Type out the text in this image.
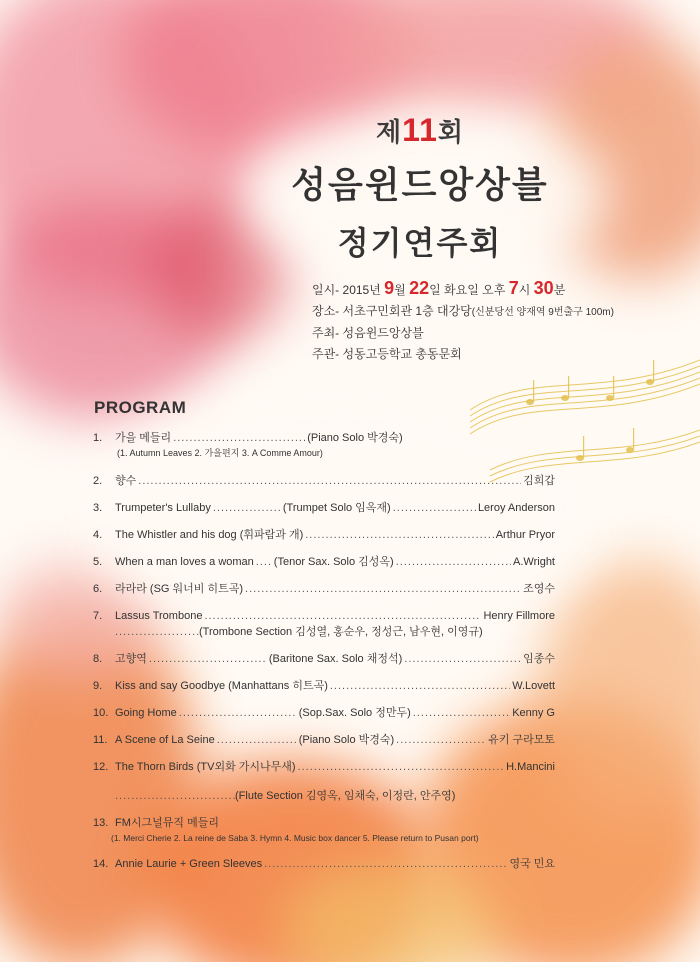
제11회
성음윈드앙상블
정기연주회
일시- 2015년 9월 22일 화요일 오후 7시 30분
장소- 서초구민회관 1층 대강당(신분당선 양재역 9번출구 100m)
주최- 성음윈드앙상블
주관- 성동고등학교 총동문회
PROGRAM
1.	가을 메들리 .....	(Piano Solo 박경숙)
(1. Autumn Leaves 2. 가을편지 3. A Comme Amour)
2.	향수 .....	김희갑
3.	Trumpeter's Lullaby .....	(Trumpet Solo 임옥재) .....	Leroy Anderson
4.	The Whistler and his dog (휘파람과 개) .....	Arthur Pryor
5.	When a man loves a woman ..... (Tenor Sax. Solo 김성옥) .....	A.Wright
6.	라라라 (SG 워너비 히트곡) .....	조영수
7.	Lassus Trombone .....	Henry Fillmore
.....
(Trombone Section 김성열, 홍순우, 정성근, 남우현, 이영규)
8.	고향역 .....	(Baritone Sax. Solo 채정석) .....	임종수
9.	Kiss and say Goodbye (Manhattans 히트곡) .....	W.Lovett
10. Going Home .....	(Sop.Sax. Solo 정만두) .....	Kenny G
11. A Scene of La Seine .....	(Piano Solo 박경숙) .....	유키 구라모토
12. The Thorn Birds (TV외화 가시나무새) .....	H.Mancini
.....
(Flute Section 김영옥, 임채숙, 이정란, 안주영)
13. FM시그널뮤직 메들리
(1. Merci Cherie 2. La reine de Saba 3. Hymn 4. Music box dancer 5. Please return to Pusan port)
14. Annie Laurie + Green Sleeves .....	영국 민요
